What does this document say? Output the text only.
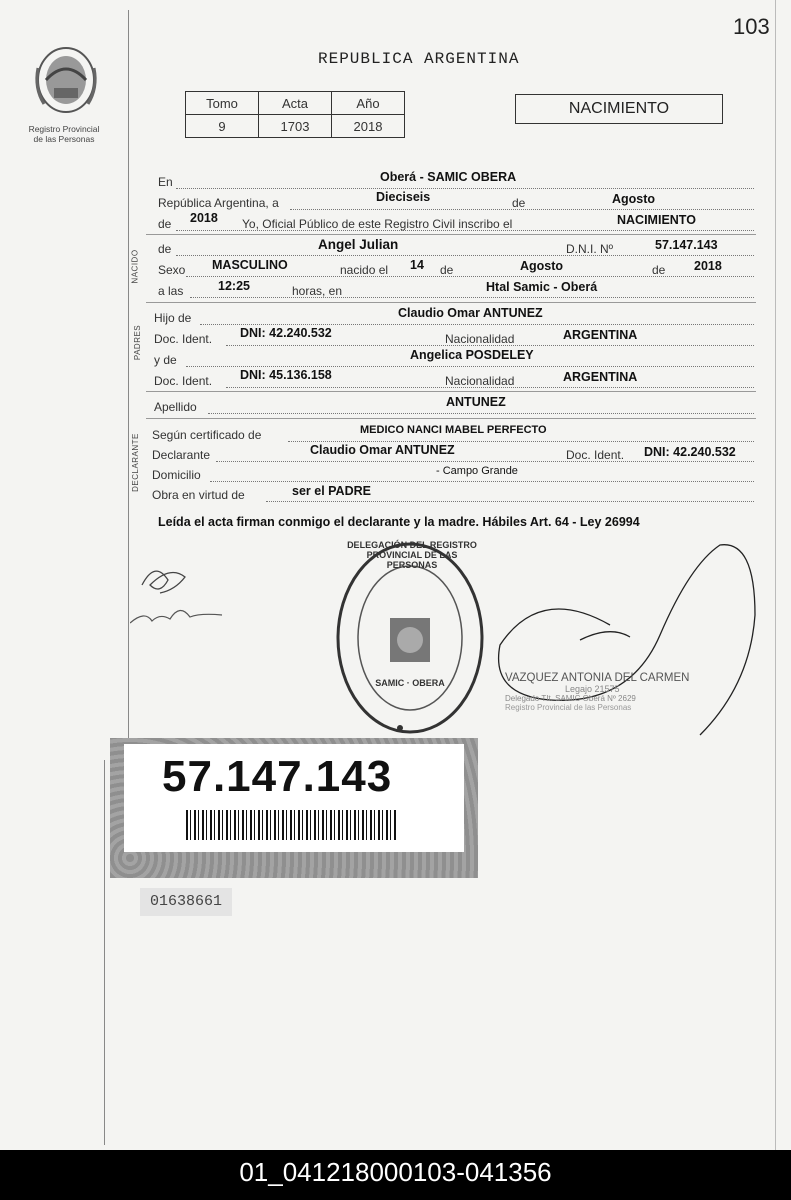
103
Registro Provincial
de las Personas
REPUBLICA ARGENTINA
Tomo	Acta	Año
9	1703	2018
NACIMIENTO
En	Oberá - SAMIC OBERA
República Argentina, a	Dieciseis	de	Agosto
de 2018 Yo, Oficial Público de este Registro Civil inscribo el	NACIMIENTO
NACIDO
de	Angel Julian	D.N.I. Nº	57.147.143
Sexo MASCULINO	nacido el 14 de	Agosto	de 2018
a las	12:25	horas, en	Htal Samic - Oberá
PADRES
Hijo de	Claudio Omar ANTUNEZ
Doc. Ident. DNI: 42.240.532	Nacionalidad	ARGENTINA
y de	Angelica POSDELEY
Doc. Ident. DNI: 45.136.158	Nacionalidad	ARGENTINA
Apellido	ANTUNEZ
DECLARANTE Según certificado de	MEDICO NANCI MABEL PERFECTO
Declarante	Claudio Omar ANTUNEZ	Doc. Ident. DNI: 42.240.532
Domicilio	- Campo Grande
Obra en virtud de	ser el PADRE
Leída el acta firman conmigo el declarante y la madre. Hábiles Art. 64 - Ley 26994
DELEGACIÓN DEL REGISTRO PROVINCIAL DE LAS PERSONAS
SAMIC · OBERA	VAZQUEZ ANTONIA DEL CARMEN
Legajo 21575
Delegado TIt. SAMIC Oberá Nº 2629
Registro Provincial de las Personas
57.147.143
01638661
01_041218000103-041356
